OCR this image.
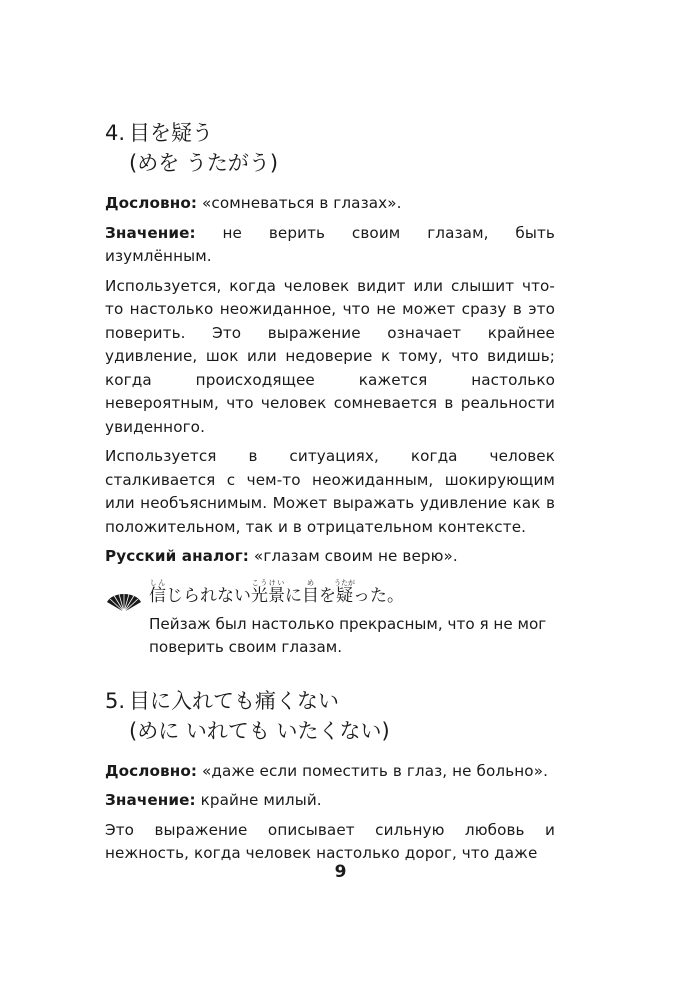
4. 目を疑う
(めを うたがう)

Дословно: «сомневаться в глазах».

Значение: не верить своим глазам, быть изумлённым.

Используется, когда человек видит или слышит что-то настолько неожиданное, что не может сразу в это поверить. Это выражение означает крайнее удивление, шок или недоверие к тому, что видишь; когда происходящее кажется настолько невероятным, что человек сомневается в реальности увиденного.

Используется в ситуациях, когда человек сталкивается с чем-то неожиданным, шокирующим или необъяснимым. Может выражать удивление как в положительном, так и в отрицательном контексте.

Русский аналог: «глазам своим не верю».

信しんじられない光景こうけいに目めを疑うたがった。
Пейзаж был настолько прекрасным, что я не мог поверить своим глазам.
5. 目に入れても痛くない
(めに いれても いたくない)

Дословно: «даже если поместить в глаз, не больно».

Значение: крайне милый.

Это выражение описывает сильную любовь и нежность, когда человек настолько дорог, что даже

9
